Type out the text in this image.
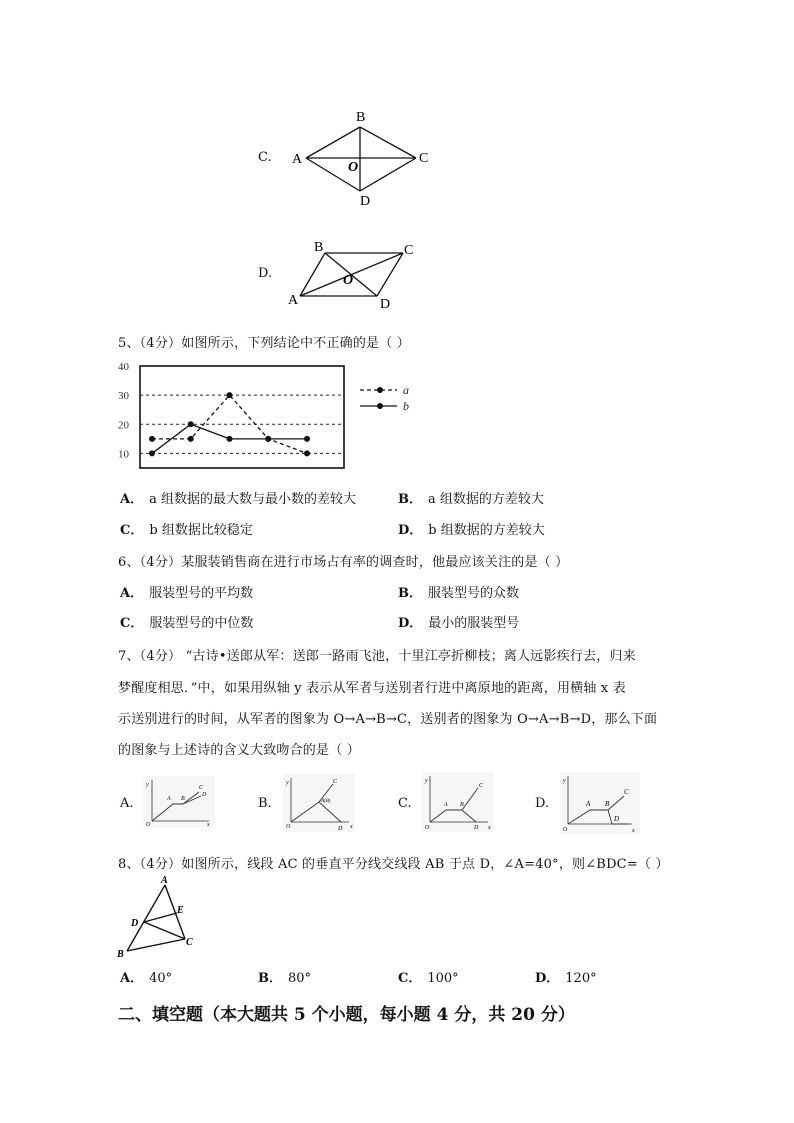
C.
B
A	C
D
O
D.
B	C
A	D
O
5、（4分）如图所示，下列结论中不正确的是（ ）
10
20
30
40
a
b
A． a 组数据的最大数与最小数的差较大	B． a 组数据的方差较大
C． b 组数据比较稳定	D． b 组数据的方差较大
6、（4分）某服装销售商在进行市场占有率的调查时，他最应该关注的是（ ）
A． 服装型号的平均数	B． 服装型号的众数
C． 服装型号的中位数	D． 最小的服装型号
7、（4分） “古诗•送郎从军：送郎一路雨飞池，十里江亭折柳枝；离人远影疾行去，归来
梦醒度相思．”中，如果用纵轴 y 表示从军者与送别者行进中离原地的距离，用横轴 x 表
示送别进行的时间，从军者的图象为 O→A→B→C，送别者的图象为 O→A→B→D，那么下面
的图象与上述诗的含义大致吻合的是（ ）
A.	B.	C.	D.
y
x
O
A B
C
D
y
x
O
A(B)
C
D
y
x
O
A B
C
D
y
x
O
A B
C
D
8、（4分）如图所示，线段 AC 的垂直平分线交线段 AB 于点 D，∠A=40°，则∠BDC=（ ）
A
D
E
B
C
A． 40°	B． 80°	C． 100°	D． 120°
二、填空题（本大题共 5 个小题，每小题 4 分，共 20 分）
